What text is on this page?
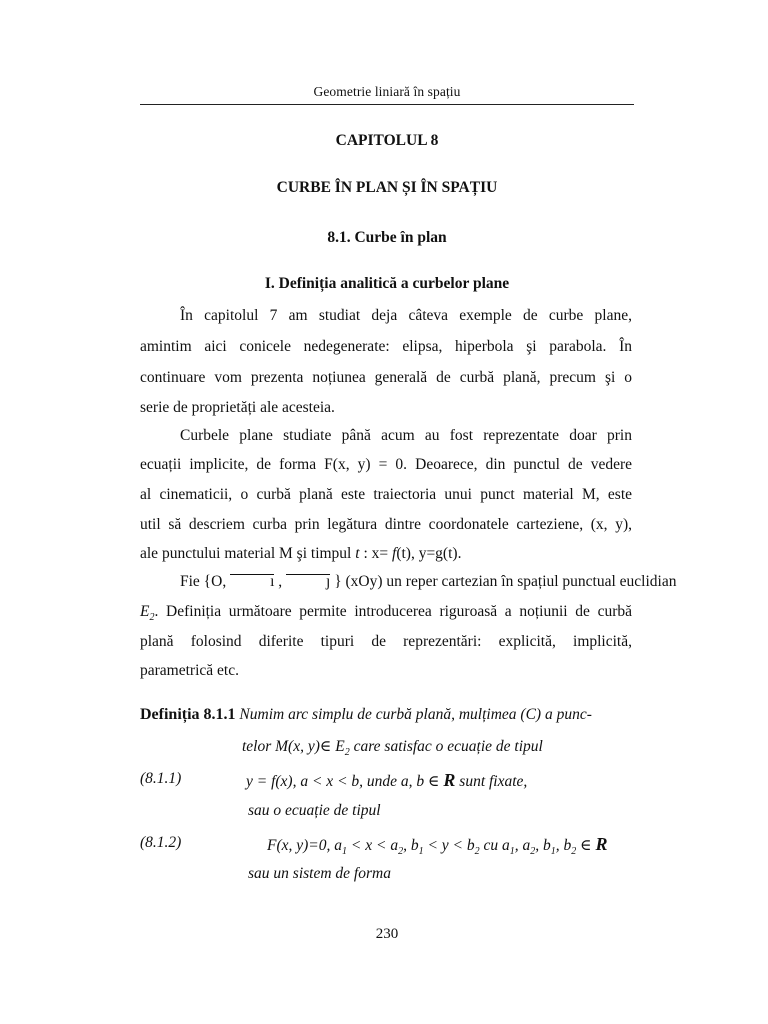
Geometrie liniară în spațiu
CAPITOLUL 8
CURBE ÎN PLAN ȘI ÎN SPAȚIU
8.1. Curbe în plan
I. Definiția analitică a curbelor plane
În capitolul 7 am studiat deja câteva exemple de curbe plane,
amintim aici conicele nedegenerate: elipsa, hiperbola şi parabola. În
continuare vom prezenta noțiunea generală de curbă plană, precum şi o
serie de proprietăți ale acesteia.
Curbele plane studiate până acum au fost reprezentate doar prin
ecuații implicite, de forma F(x, y) = 0. Deoarece, din punctul de vedere
al cinematicii, o curbă plană este traiectoria unui punct material M, este
util să descriem curba prin legătura dintre coordonatele carteziene, (x, y),
ale punctului material M şi timpul t : x= f(t), y=g(t).
Fie {O,	ı ,	ȷ } (xOy) un reper cartezian în spațiul punctual euclidian
$E_2$. Definiția următoare permite introducerea riguroasă a noțiunii de curbă
plană folosind diferite tipuri de reprezentări: explicită, implicită,
parametrică etc.
Definiția 8.1.1 Numim arc simplu de curbă plană, mulțimea (C) a punc-
telor M(x, y)∈ $E_2$ care satisfac o ecuație de tipul
(8.1.1)	y = f(x), a < x < b, unde a, b ∈ R sunt fixate,
sau o ecuație de tipul
(8.1.2)	F(x, y)=0, $a_1 < x < a_2$, $b_1 < y < b_2$ cu $a_1$, $a_2$, $b_1$, $b_2$ ∈ R
sau un sistem de forma
230
